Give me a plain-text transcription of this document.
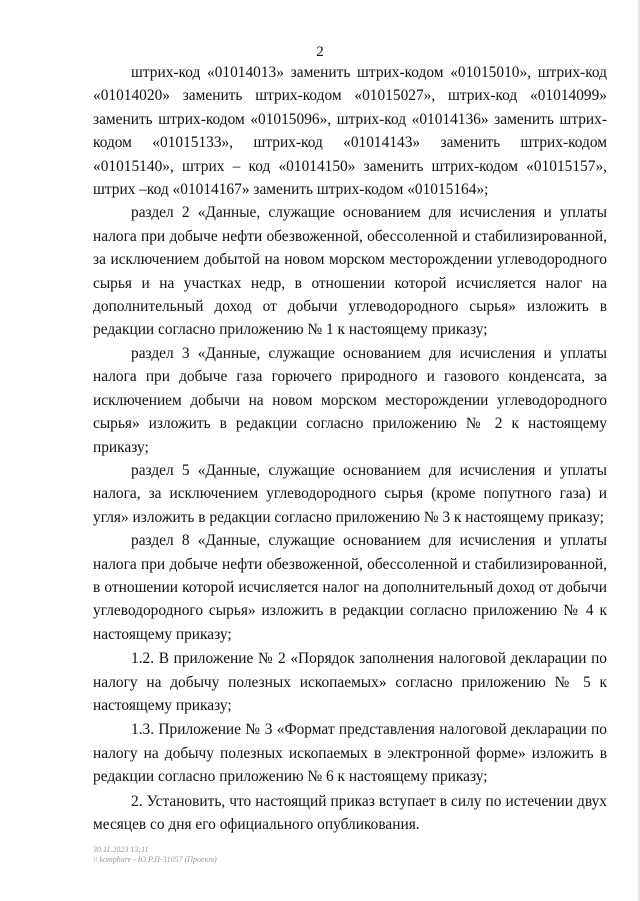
2

штрих-код «01014013» заменить штрих-кодом «01015010», штрих-код «01014020» заменить штрих-кодом «01015027», штрих-код «01014099» заменить штрих-кодом «01015096», штрих-код «01014136» заменить штрих-кодом «01015133», штрих-код «01014143» заменить штрих-кодом «01015140», штрих – код «01014150» заменить штрих-кодом «01015157», штрих –код «01014167» заменить штрих-кодом «01015164»;

раздел 2 «Данные, служащие основанием для исчисления и уплаты налога при добыче нефти обезвоженной, обессоленной и стабилизированной, за исключением добытой на новом морском месторождении углеводородного сырья и на участках недр, в отношении которой исчисляется налог на дополнительный доход от добычи углеводородного сырья» изложить в редакции согласно приложению № 1 к настоящему приказу;

раздел 3 «Данные, служащие основанием для исчисления и уплаты налога при добыче газа горючего природного и газового конденсата, за исключением добычи на новом морском месторождении углеводородного сырья» изложить в редакции согласно приложению № 2 к настоящему приказу;

раздел 5 «Данные, служащие основанием для исчисления и уплаты налога, за исключением углеводородного сырья (кроме попутного газа) и угля» изложить в редакции согласно приложению № 3 к настоящему приказу;

раздел 8 «Данные, служащие основанием для исчисления и уплаты налога при добыче нефти обезвоженной, обессоленной и стабилизированной, в отношении которой исчисляется налог на дополнительный доход от добычи углеводородного сырья» изложить в редакции согласно приложению № 4 к настоящему приказу;

1.2. В приложение № 2 «Порядок заполнения налоговой декларации по налогу на добычу полезных ископаемых» согласно приложению № 5 к настоящему приказу;

1.3. Приложение № 3 «Формат представления налоговой декларации по налогу на добычу полезных ископаемых в электронной форме» изложить в редакции согласно приложению № 6 к настоящему приказу;

2. Установить, что настоящий приказ вступает в силу по истечении двух месяцев со дня его официального опубликования.

30.11.2023 13:11
\\ komphare - Ю.Р.П-31057 (Проект)
